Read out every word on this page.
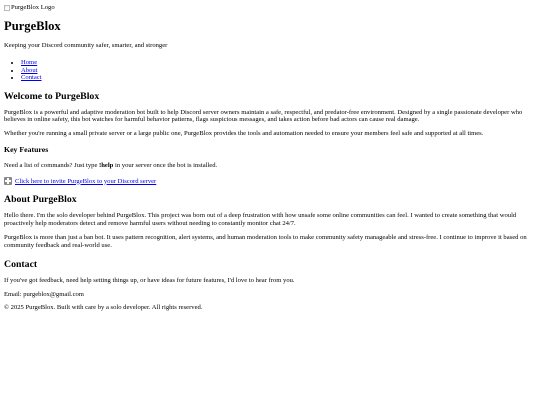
PurgeBlox Logo
PurgeBlox

Keeping your Discord community safer, smarter, and stronger

• Home
• About
• Contact
Welcome to PurgeBlox

PurgeBlox is a powerful and adaptive moderation bot built to help Discord server owners maintain a safe, respectful, and predator-free environment. Designed by a single passionate developer who believes in online safety, this bot watches for harmful behavior patterns, flags suspicious messages, and takes action before bad actors can cause real damage.

Whether you're running a small private server or a large public one, PurgeBlox provides the tools and automation needed to ensure your members feel safe and supported at all times.

Key Features

Need a list of commands? Just type !help in your server once the bot is installed.

Click here to invite PurgeBlox to your Discord server

About PurgeBlox

Hello there. I'm the solo developer behind PurgeBlox. This project was born out of a deep frustration with how unsafe some online communities can feel. I wanted to create something that would proactively help moderators detect and remove harmful users without needing to constantly monitor chat 24/7.

PurgeBlox is more than just a ban bot. It uses pattern recognition, alert systems, and human moderation tools to make community safety manageable and stress-free. I continue to improve it based on community feedback and real-world use.

Contact

If you've got feedback, need help setting things up, or have ideas for future features, I'd love to hear from you.

Email: purgeblox@gmail.com

© 2025 PurgeBlox. Built with care by a solo developer. All rights reserved.
